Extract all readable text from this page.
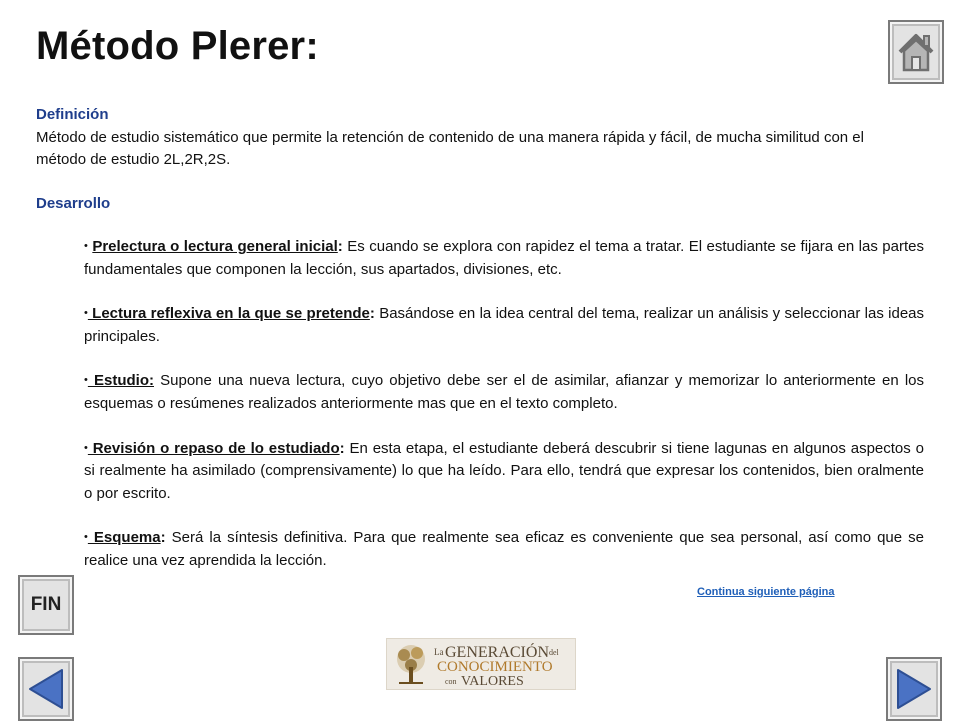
Método Plerer:
Definición
Método de estudio sistemático que permite la retención de contenido de una manera rápida y fácil, de mucha similitud con el método de estudio 2L,2R,2S.
Desarrollo
• Prelectura o lectura general inicial: Es cuando se explora con rapidez el tema a tratar. El estudiante se fijara en las partes fundamentales que componen la lección, sus apartados, divisiones, etc.
• Lectura reflexiva en la que se pretende: Basándose en la idea central del tema, realizar un análisis y seleccionar las ideas principales.
• Estudio: Supone una nueva lectura, cuyo objetivo debe ser el de asimilar, afianzar y memorizar lo anteriormente en los esquemas o resúmenes realizados anteriormente mas que en el texto completo.
• Revisión o repaso de lo estudiado: En esta etapa, el estudiante deberá descubrir si tiene lagunas en algunos aspectos o si realmente ha asimilado (comprensivamente) lo que ha leído. Para ello, tendrá que expresar los contenidos, bien oralmente o por escrito.
• Esquema: Será la síntesis definitiva. Para que realmente sea eficaz es conveniente que sea personal, así como que se realice una vez aprendida la lección.
FIN
Continua siguiente página
La GENERACIÓN del
CONOCIMIENTO
con VALORES
